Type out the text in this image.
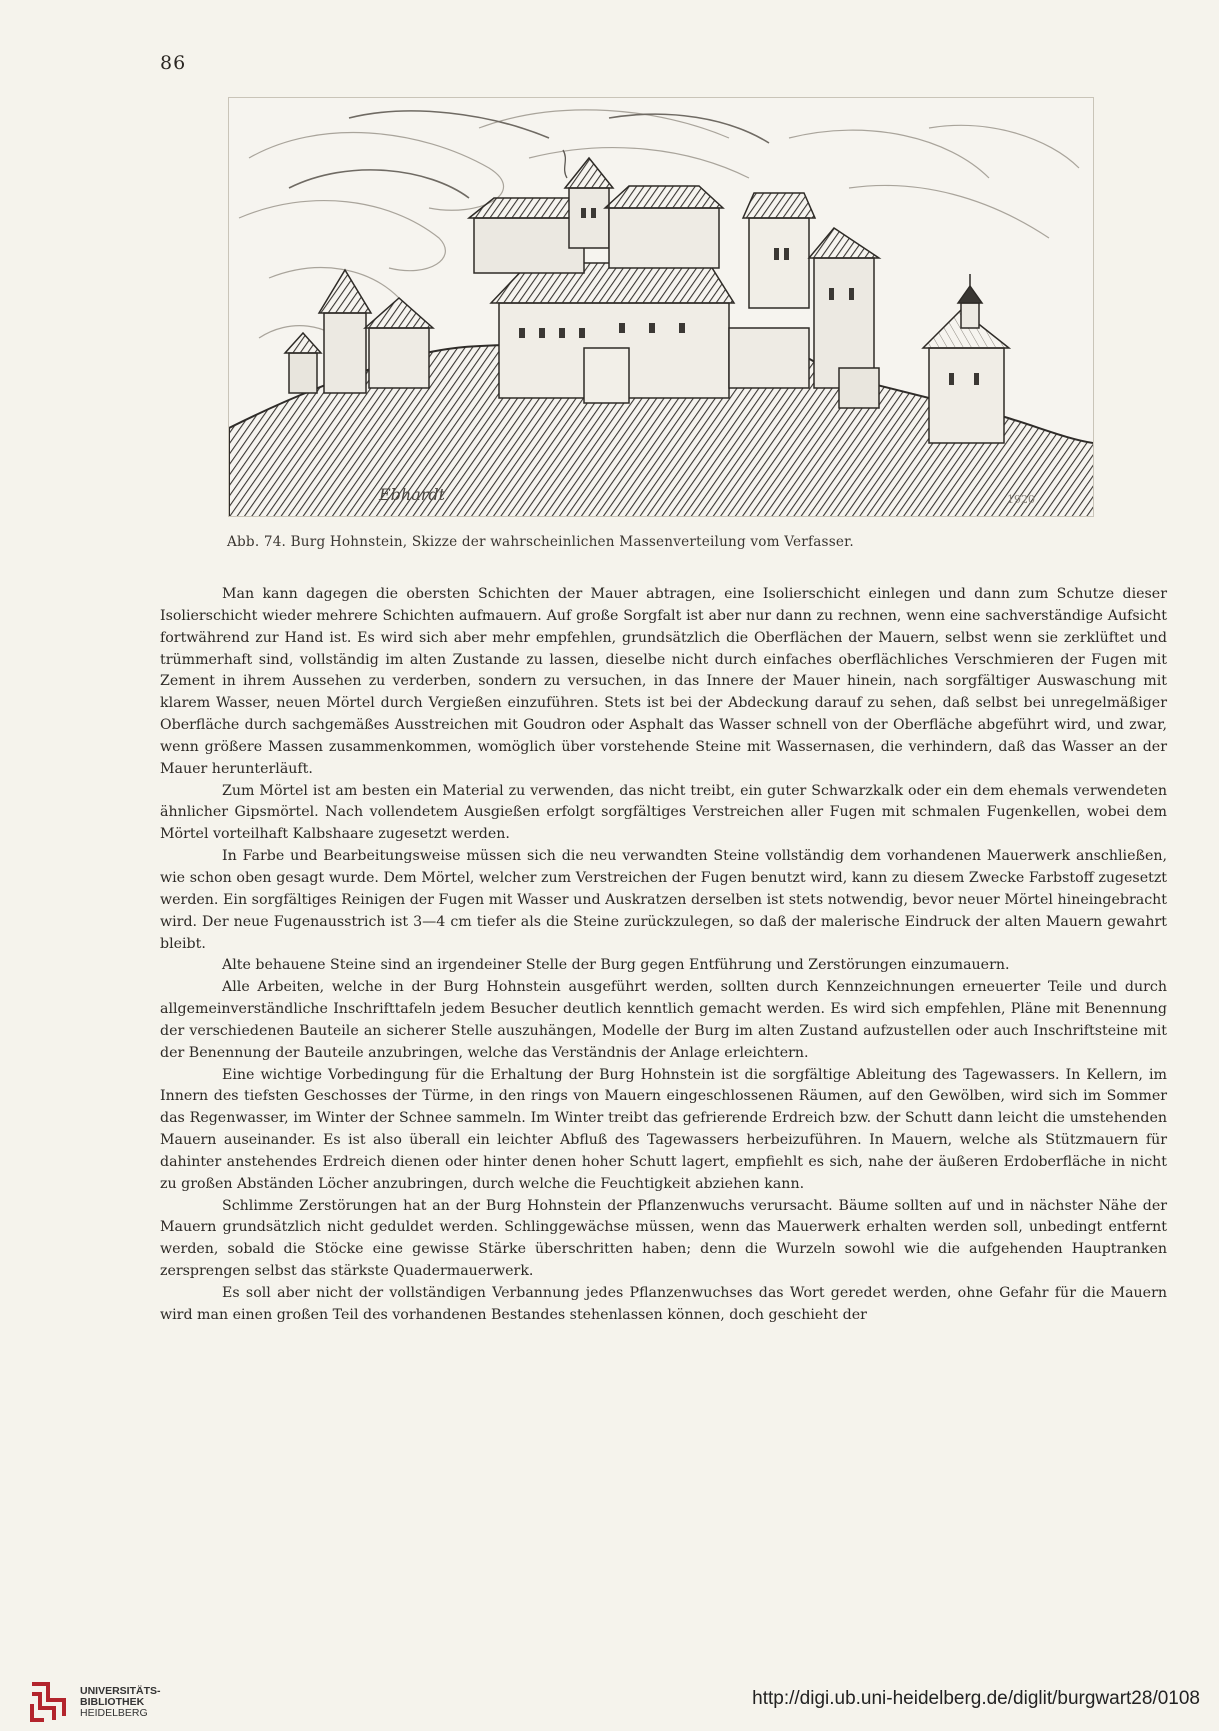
86
Ebhardt	1920
Abb. 74. Burg Hohnstein, Skizze der wahrscheinlichen Massenverteilung vom Verfasser.

Man kann dagegen die obersten Schichten der Mauer abtragen, eine Isolierschicht einlegen und dann zum Schutze dieser Isolierschicht wieder mehrere Schichten aufmauern. Auf große Sorgfalt ist aber nur dann zu rechnen, wenn eine sachverständige Aufsicht fortwährend zur Hand ist. Es wird sich aber mehr empfehlen, grundsätzlich die Oberflächen der Mauern, selbst wenn sie zerklüftet und trümmerhaft sind, vollständig im alten Zustande zu lassen, dieselbe nicht durch einfaches oberflächliches Verschmieren der Fugen mit Zement in ihrem Aussehen zu verderben, sondern zu versuchen, in das Innere der Mauer hinein, nach sorgfältiger Auswaschung mit klarem Wasser, neuen Mörtel durch Vergießen einzuführen. Stets ist bei der Abdeckung darauf zu sehen, daß selbst bei unregelmäßiger Oberfläche durch sachgemäßes Ausstreichen mit Goudron oder Asphalt das Wasser schnell von der Oberfläche abgeführt wird, und zwar, wenn größere Massen zusammenkommen, womöglich über vorstehende Steine mit Wassernasen, die verhindern, daß das Wasser an der Mauer herunterläuft.

Zum Mörtel ist am besten ein Material zu verwenden, das nicht treibt, ein guter Schwarzkalk oder ein dem ehemals verwendeten ähnlicher Gipsmörtel. Nach vollendetem Ausgießen erfolgt sorgfältiges Verstreichen aller Fugen mit schmalen Fugenkellen, wobei dem Mörtel vorteilhaft Kalbshaare zugesetzt werden.

In Farbe und Bearbeitungsweise müssen sich die neu verwandten Steine vollständig dem vorhandenen Mauerwerk anschließen, wie schon oben gesagt wurde. Dem Mörtel, welcher zum Verstreichen der Fugen benutzt wird, kann zu diesem Zwecke Farbstoff zugesetzt werden. Ein sorgfältiges Reinigen der Fugen mit Wasser und Auskratzen derselben ist stets notwendig, bevor neuer Mörtel hineingebracht wird. Der neue Fugenausstrich ist 3—4 cm tiefer als die Steine zurückzulegen, so daß der malerische Eindruck der alten Mauern gewahrt bleibt.

Alte behauene Steine sind an irgendeiner Stelle der Burg gegen Entführung und Zerstörungen einzumauern.

Alle Arbeiten, welche in der Burg Hohnstein ausgeführt werden, sollten durch Kennzeichnungen erneuerter Teile und durch allgemeinverständliche Inschrifttafeln jedem Besucher deutlich kenntlich gemacht werden. Es wird sich empfehlen, Pläne mit Benennung der verschiedenen Bauteile an sicherer Stelle auszuhängen, Modelle der Burg im alten Zustand aufzustellen oder auch Inschriftsteine mit der Benennung der Bauteile anzubringen, welche das Verständnis der Anlage erleichtern.

Eine wichtige Vorbedingung für die Erhaltung der Burg Hohnstein ist die sorgfältige Ableitung des Tagewassers. In Kellern, im Innern des tiefsten Geschosses der Türme, in den rings von Mauern eingeschlossenen Räumen, auf den Gewölben, wird sich im Sommer das Regenwasser, im Winter der Schnee sammeln. Im Winter treibt das gefrierende Erdreich bzw. der Schutt dann leicht die umstehenden Mauern auseinander. Es ist also überall ein leichter Abfluß des Tagewassers herbeizuführen. In Mauern, welche als Stützmauern für dahinter anstehendes Erdreich dienen oder hinter denen hoher Schutt lagert, empfiehlt es sich, nahe der äußeren Erdoberfläche in nicht zu großen Abständen Löcher anzubringen, durch welche die Feuchtigkeit abziehen kann.

Schlimme Zerstörungen hat an der Burg Hohnstein der Pflanzenwuchs verursacht. Bäume sollten auf und in nächster Nähe der Mauern grundsätzlich nicht geduldet werden. Schlinggewächse müssen, wenn das Mauerwerk erhalten werden soll, unbedingt entfernt werden, sobald die Stöcke eine gewisse Stärke überschritten haben; denn die Wurzeln sowohl wie die aufgehenden Hauptranken zersprengen selbst das stärkste Quadermauerwerk.

Es soll aber nicht der vollständigen Verbannung jedes Pflanzenwuchses das Wort geredet werden, ohne Gefahr für die Mauern wird man einen großen Teil des vorhandenen Bestandes stehenlassen können, doch geschieht der

UNIVERSITÄTS-
BIBLIOTHEK
HEIDELBERG
http://digi.ub.uni-heidelberg.de/diglit/burgwart28/0108
